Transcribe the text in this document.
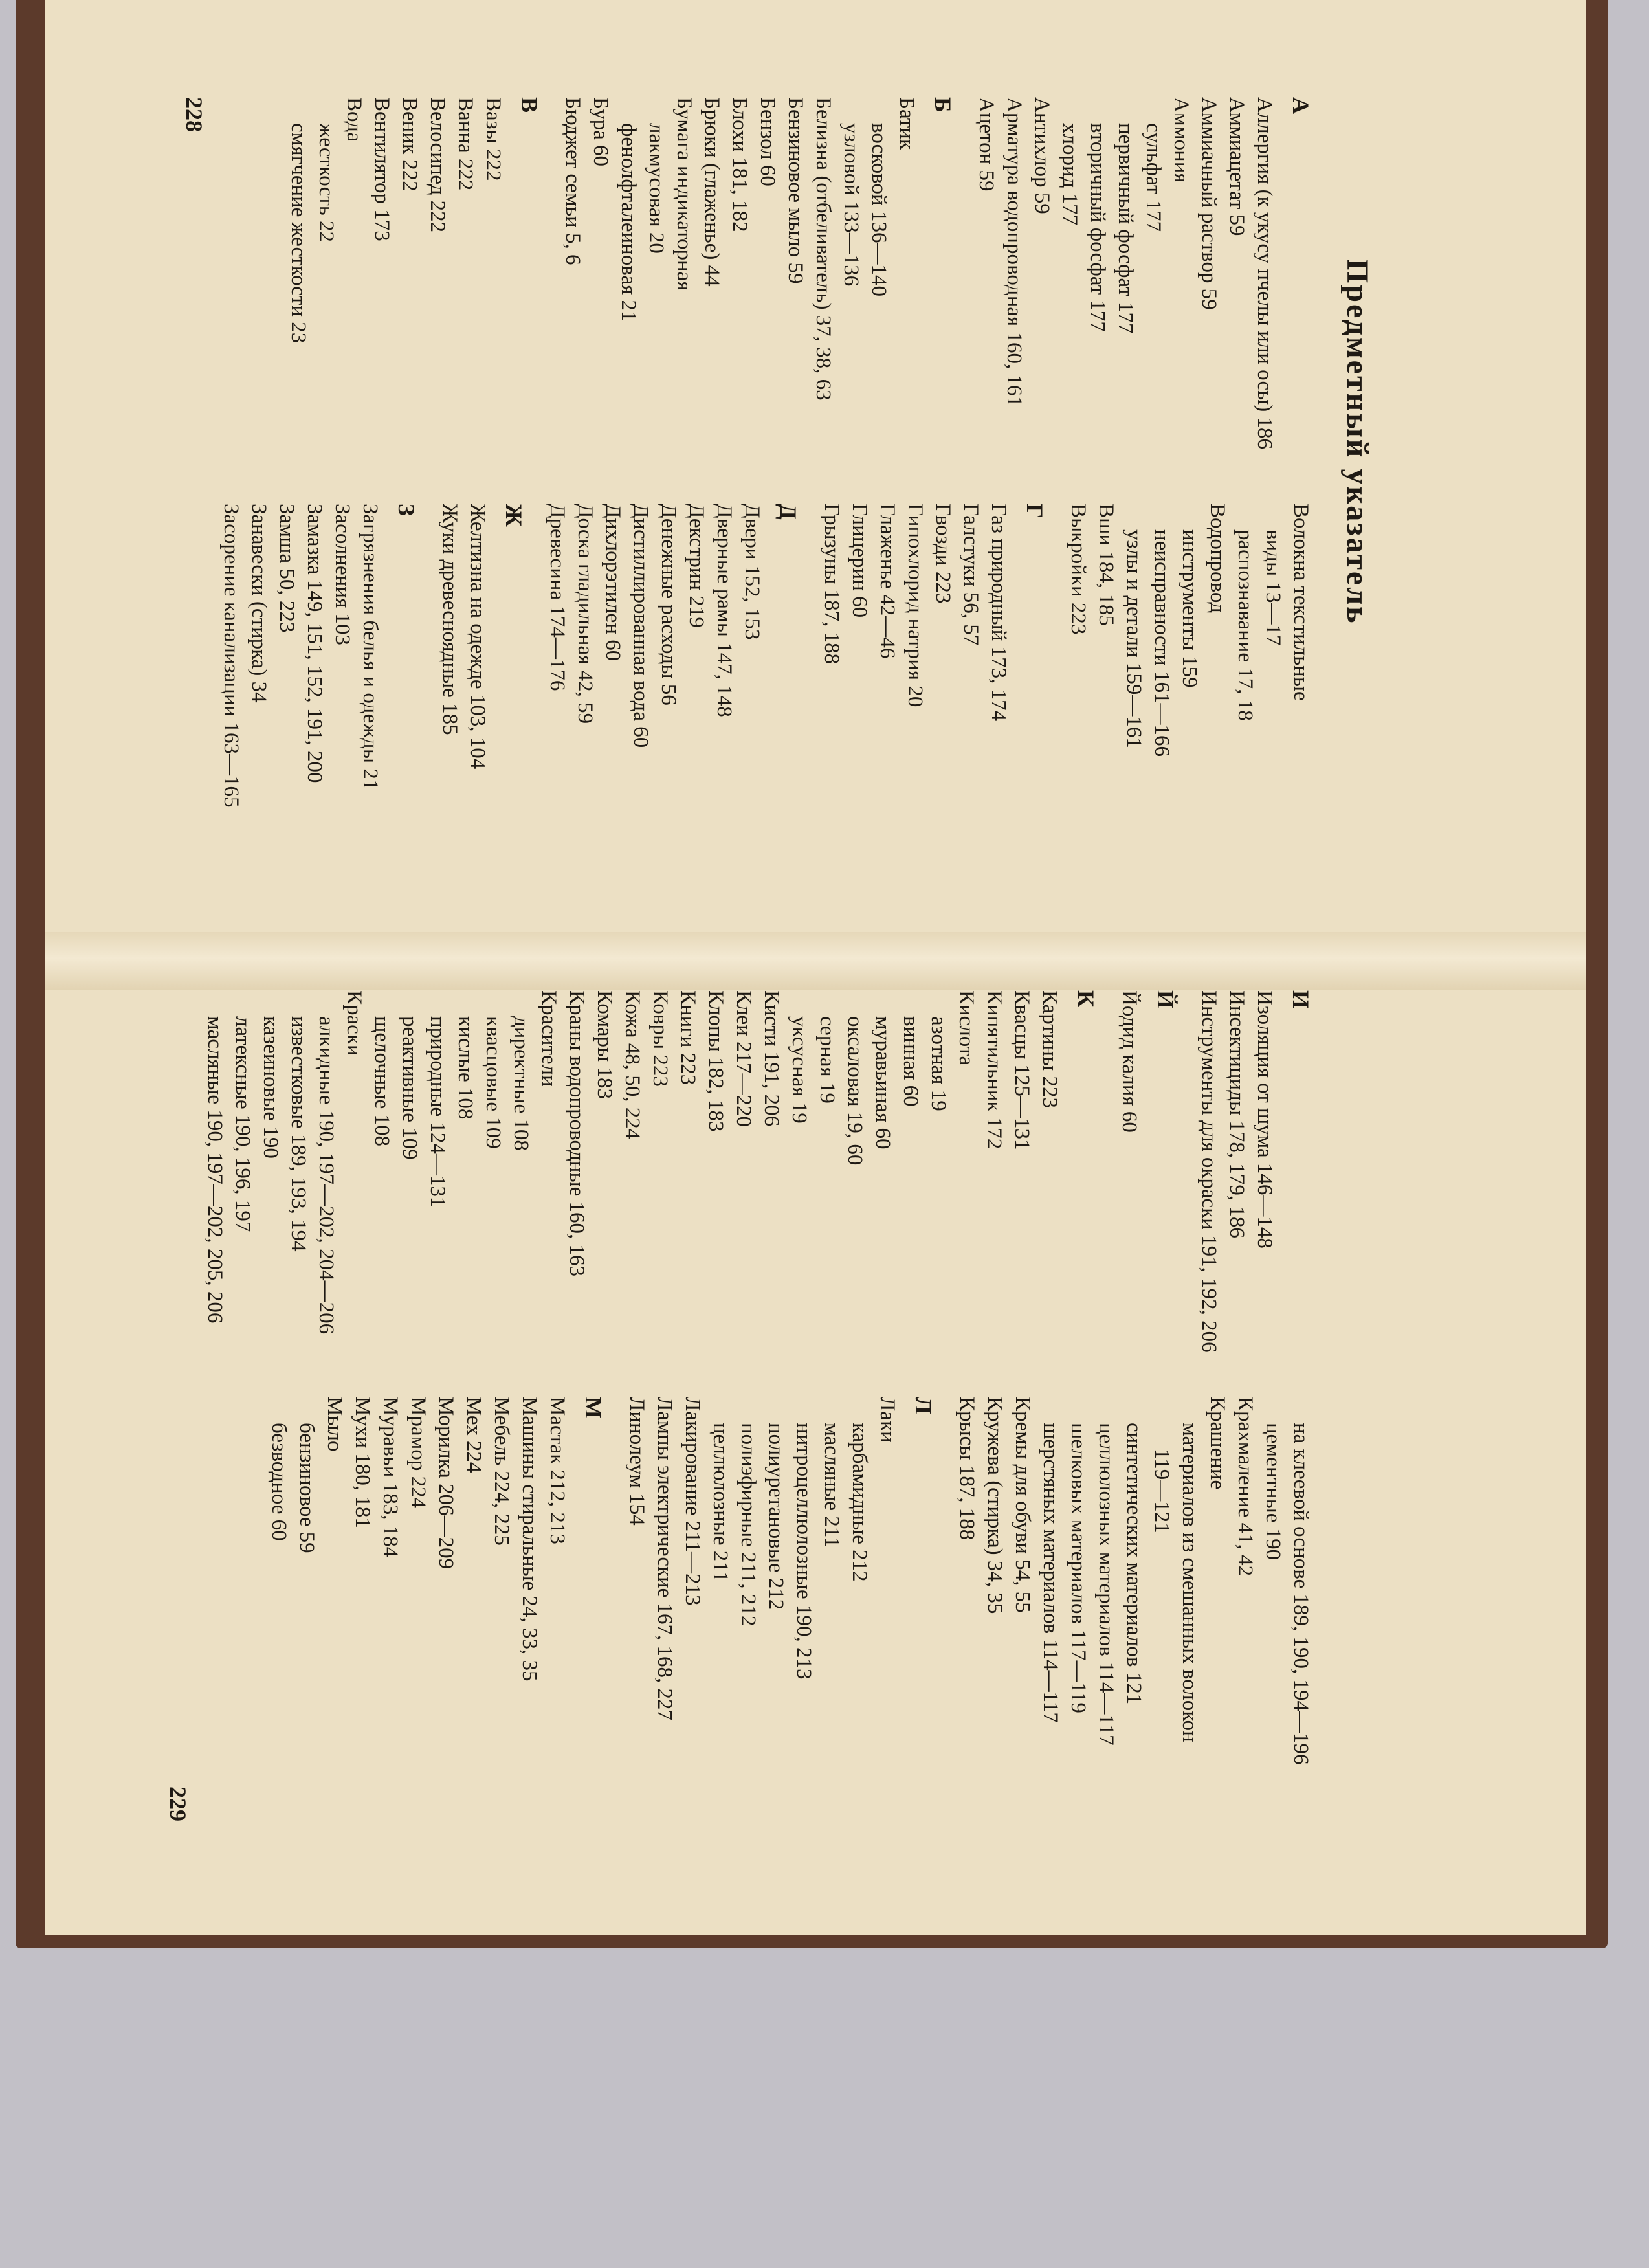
Предметный указатель
А
Аллергия (к укусу пчелы или осы) 186
Аммиацетат 59
Аммиачный раствор 59
Аммония
сульфат 177
первичный фосфат 177
вторичный фосфат 177
хлорид 177
Антихлор 59
Арматура водопроводная 160, 161
Ацетон 59
Б
Батик
восковой 136—140
узловой 133—136
Белизна (отбеливатель) 37, 38, 63
Бензиновое мыло 59
Бензол 60
Блохи 181, 182
Брюки (глаженье) 44
Бумага индикаторная
лакмусовая 20
фенолфталеиновая 21
Бура 60
Бюджет семьи 5, 6
В
Вазы 222
Ванна 222
Велосипед 222
Веник 222
Вентилятор 173
Вода
жесткость 22
смягчение жесткости 23
Волокна текстильные
виды 13—17
распознавание 17, 18
Водопровод
инструменты 159
неисправности 161—166
узлы и детали 159—161
Вши 184, 185
Выкройки 223
Г
Газ природный 173, 174
Галстуки 56, 57
Гвозди 223
Гипохлорид натрия 20
Глаженье 42—46
Глицерин 60
Грызуны 187, 188
Д
Двери 152, 153
Дверные рамы 147, 148
Декстрин 219
Денежные расходы 56
Дистиллированная вода 60
Дихлорэтилен 60
Доска гладильная 42, 59
Древесина 174—176
Ж
Желтизна на одежде 103, 104
Жуки древесноядные 185
З
Загрязнения белья и одежды 21
Засолнения 103
Замазка 149, 151, 152, 191, 200
Замша 50, 223
Занавески (стирка) 34
Засорение канализации 163—165
228
И
Изоляция от шума 146—148
Инсектициды 178, 179, 186
Инструменты для окраски 191, 192, 206
Й
Йодид калия 60
К
Картины 223
Квасцы 125—131
Кипятильник 172
Кислота
азотная 19
винная 60
муравьиная 60
оксаловая 19, 60
серная 19
уксусная 19
Кисти 191, 206
Клеи 217—220
Клопы 182, 183
Книги 223
Ковры 223
Кожа 48, 50, 224
Комары 183
Краны водопроводные 160, 163
Красители
директные 108
квасцовые 109
кислые 108
природные 124—131
реактивные 109
щелочные 108
Краски
алкидные 190, 197—202, 204—206
известковые 189, 193, 194
казеиновые 190
латексные 190, 196, 197
масляные 190, 197—202, 205, 206
на клеевой основе 189, 190, 194—196
цементные 190
Крахмаление 41, 42
Крашение
материалов из смешанных волокон 119—121
синтетических материалов 121
целлюлозных материалов 114—117
шелковых материалов 117—119
шерстяных материалов 114—117
Кремы для обуви 54, 55
Кружева (стирка) 34, 35
Крысы 187, 188
Л
Лаки
карбамидные 212
масляные 211
нитроцеллюлозные 190, 213
полиуретановые 212
полиэфирные 211, 212
целлюлозные 211
Лакирование 211—213
Лампы электрические 167, 168, 227
Линолеум 154
М
Мастак 212, 213
Машины стиральные 24, 33, 35
Мебель 224, 225
Мех 224
Морилка 206—209
Мрамор 224
Муравьи 183, 184
Мухи 180, 181
Мыло
бензиновое 59
безводное 60
229
